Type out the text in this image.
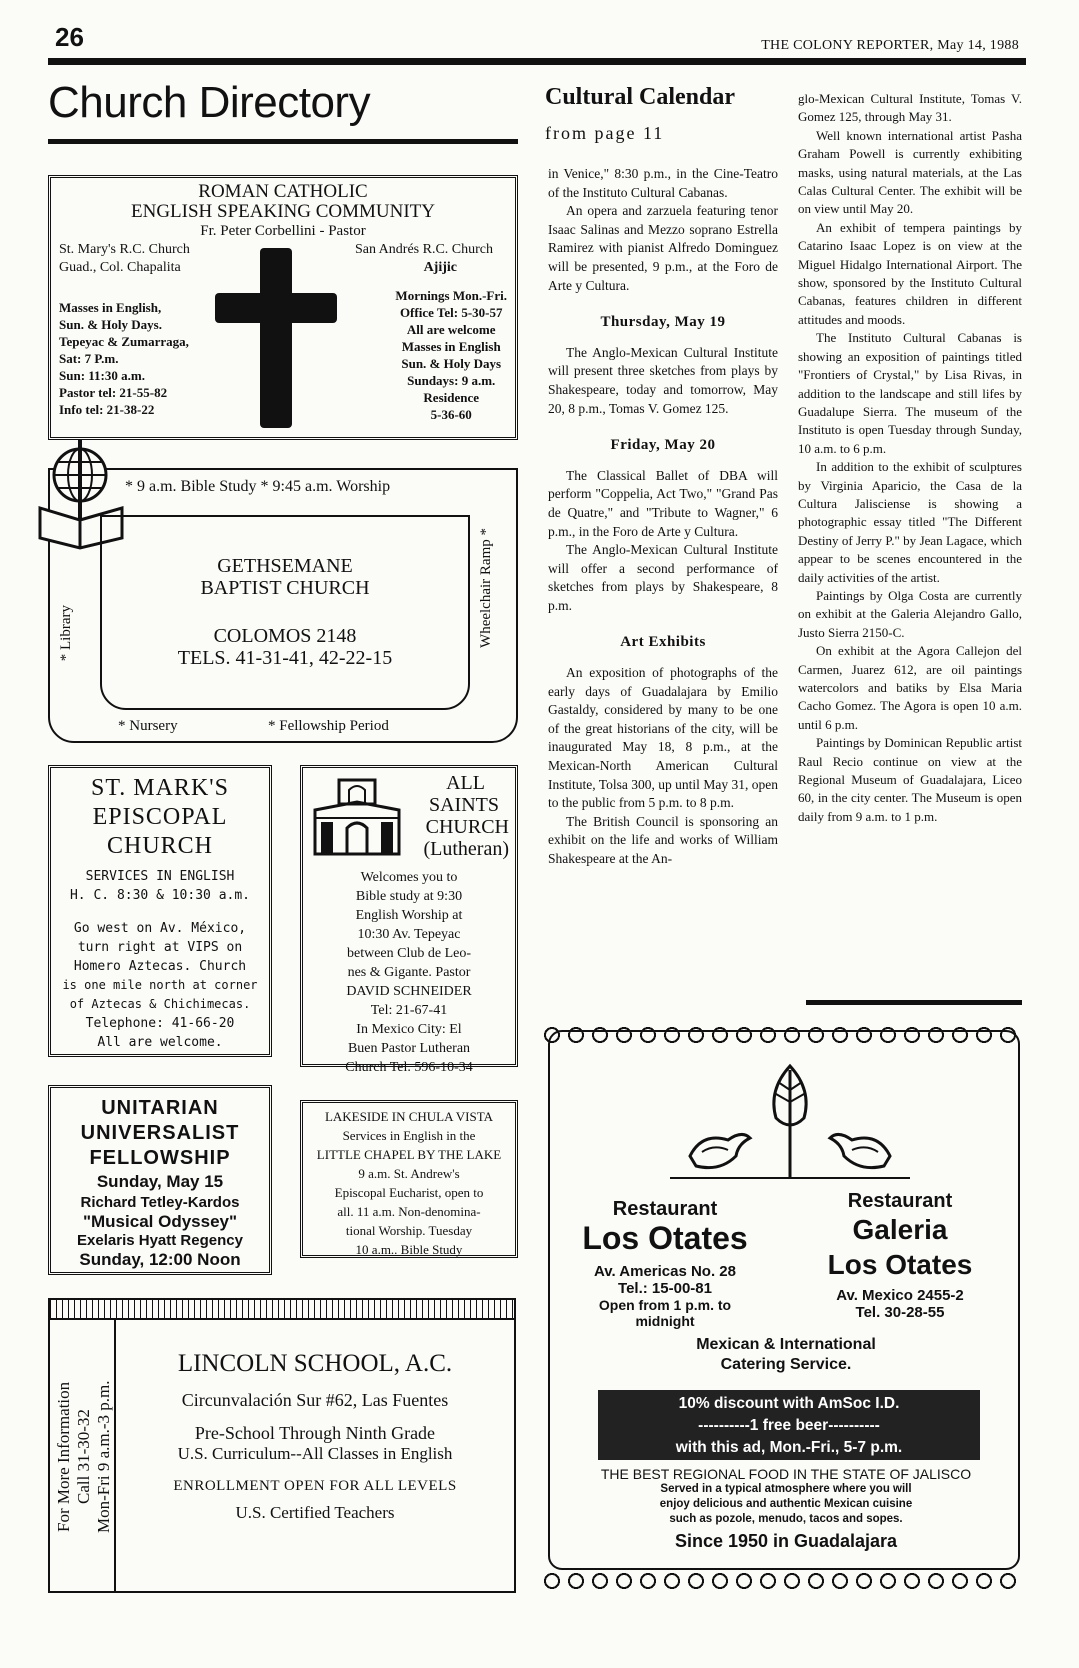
26	THE COLONY REPORTER, May 14, 1988
Church Directory
ROMAN CATHOLIC
ENGLISH SPEAKING COMMUNITY
Fr. Peter Corbellini - Pastor
St. Mary's R.C. Church
Guad., Col. Chapalita
San Andrés R.C. Church
Ajijic
Masses in English,
Sun. & Holy Days.
Tepeyac & Zumarraga,
Sat: 7 P.m.
Sun: 11:30 a.m.
Pastor tel: 21-55-82
Info tel: 21-38-22
Mornings Mon.-Fri.
Office Tel: 5-30-57
All are welcome
Masses in English
Sun. & Holy Days
Sundays: 9 a.m.
Residence
5-36-60
* 9 a.m. Bible Study * 9:45 a.m. Worship
GETHSEMANE
BAPTIST CHURCH
COLOMOS 2148
TELS. 41-31-41, 42-22-15
* Library	Wheelchair Ramp *
* Nursery	* Fellowship Period
ST. MARK'S
EPISCOPAL
CHURCH
SERVICES IN ENGLISH
H. C. 8:30 & 10:30 a.m.
Go west on Av. México,
turn right at VIPS on
Homero Aztecas. Church
is one mile north at corner
of Aztecas & Chichimecas.
Telephone: 41-66-20
All are welcome.
ALL
SAINTS
CHURCH
(Lutheran)
Welcomes you to
Bible study at 9:30
English Worship at
10:30 Av. Tepeyac
between Club de Leo-
nes & Gigante. Pastor
DAVID SCHNEIDER
Tel: 21-67-41
In Mexico City: El
Buen Pastor Lutheran
Church Tel. 596-10-34
UNITARIAN
UNIVERSALIST
FELLOWSHIP
Sunday, May 15
Richard Tetley-Kardos
"Musical Odyssey"
Exelaris Hyatt Regency
Sunday, 12:00 Noon
LAKESIDE IN CHULA VISTA
Services in English in the
LITTLE CHAPEL BY THE LAKE
9 a.m. St. Andrew's
Episcopal Eucharist, open to
all. 11 a.m. Non-denomina-
tional Worship. Tuesday
10 a.m.. Bible Study
For More Information
Call 31-30-32
Mon-Fri 9 a.m.-3 p.m.
LINCOLN SCHOOL, A.C.
Circunvalación Sur #62, Las Fuentes
Pre-School Through Ninth Grade
U.S. Curriculum--All Classes in English
ENROLLMENT OPEN FOR ALL LEVELS
U.S. Certified Teachers
Cultural Calendar
from page 11

in Venice," 8:30 p.m., in the Cine-Teatro of the Instituto Cultural Cabanas.

An opera and zarzuela featuring tenor Isaac Salinas and Mezzo soprano Estrella Ramirez with pianist Alfredo Dominguez will be presented, 9 p.m., at the Foro de Arte y Cultura.

Thursday, May 19

The Anglo-Mexican Cultural Institute will present three sketches from plays by Shakespeare, today and tomorrow, May 20, 8 p.m., Tomas V. Gomez 125.

Friday, May 20

The Classical Ballet of DBA will perform "Coppelia, Act Two," "Grand Pas de Quatre," and "Tribute to Wagner," 6 p.m., in the Foro de Arte y Cultura.

The Anglo-Mexican Cultural Institute will offer a second performance of sketches from plays by Shakespeare, 8 p.m.

Art Exhibits

An exposition of photographs of the early days of Guadalajara by Emilio Gastaldy, considered by many to be one of the great historians of the city, will be inaugurated May 18, 8 p.m., at the Mexican-North American Cultural Institute, Tolsa 300, up until May 31, open to the public from 5 p.m. to 8 p.m.

The British Council is sponsoring an exhibit on the life and works of William Shakespeare at the An-

glo-Mexican Cultural Institute, Tomas V. Gomez 125, through May 31.

Well known international artist Pasha Graham Powell is currently exhibiting masks, using natural materials, at the Las Calas Cultural Center. The exhibit will be on view until May 20.

An exhibit of tempera paintings by Catarino Isaac Lopez is on view at the Miguel Hidalgo International Airport. The show, sponsored by the Instituto Cultural Cabanas, features children in different attitudes and moods.

The Instituto Cultural Cabanas is showing an exposition of paintings titled "Frontiers of Crystal," by Lisa Rivas, in addition to the landscape and still lifes by Guadalupe Sierra. The museum of the Instituto is open Tuesday through Sunday, 10 a.m. to 6 p.m.

In addition to the exhibit of sculptures by Virginia Aparicio, the Casa de la Cultura Jalisciense is showing a photographic essay titled "The Different Destiny of Jerry P." by Jean Lagace, which appear to be scenes encountered in the daily activities of the artist.

Paintings by Olga Costa are currently on exhibit at the Galeria Alejandro Gallo, Justo Sierra 2150-C.

On exhibit at the Agora Callejon del Carmen, Juarez 612, are oil paintings watercolors and batiks by Elsa Maria Cacho Gomez. The Agora is open 10 a.m. until 6 p.m.

Paintings by Dominican Republic artist Raul Recio continue on view at the Regional Museum of Guadalajara, Liceo 60, in the city center. The Museum is open daily from 9 a.m. to 1 p.m.

Restaurant
Los Otates
Av. Americas No. 28
Tel.: 15-00-81
Open from 1 p.m. to
midnight
Restaurant
Galeria
Los Otates
Av. Mexico 2455-2
Tel. 30-28-55
Mexican & International
Catering Service.
10% discount with AmSoc I.D.
----------1 free beer----------
with this ad, Mon.-Fri., 5-7 p.m.
THE BEST REGIONAL FOOD IN THE STATE OF JALISCO
Served in a typical atmosphere where you will
enjoy delicious and authentic Mexican cuisine
such as pozole, menudo, tacos and sopes.
Since 1950 in Guadalajara
